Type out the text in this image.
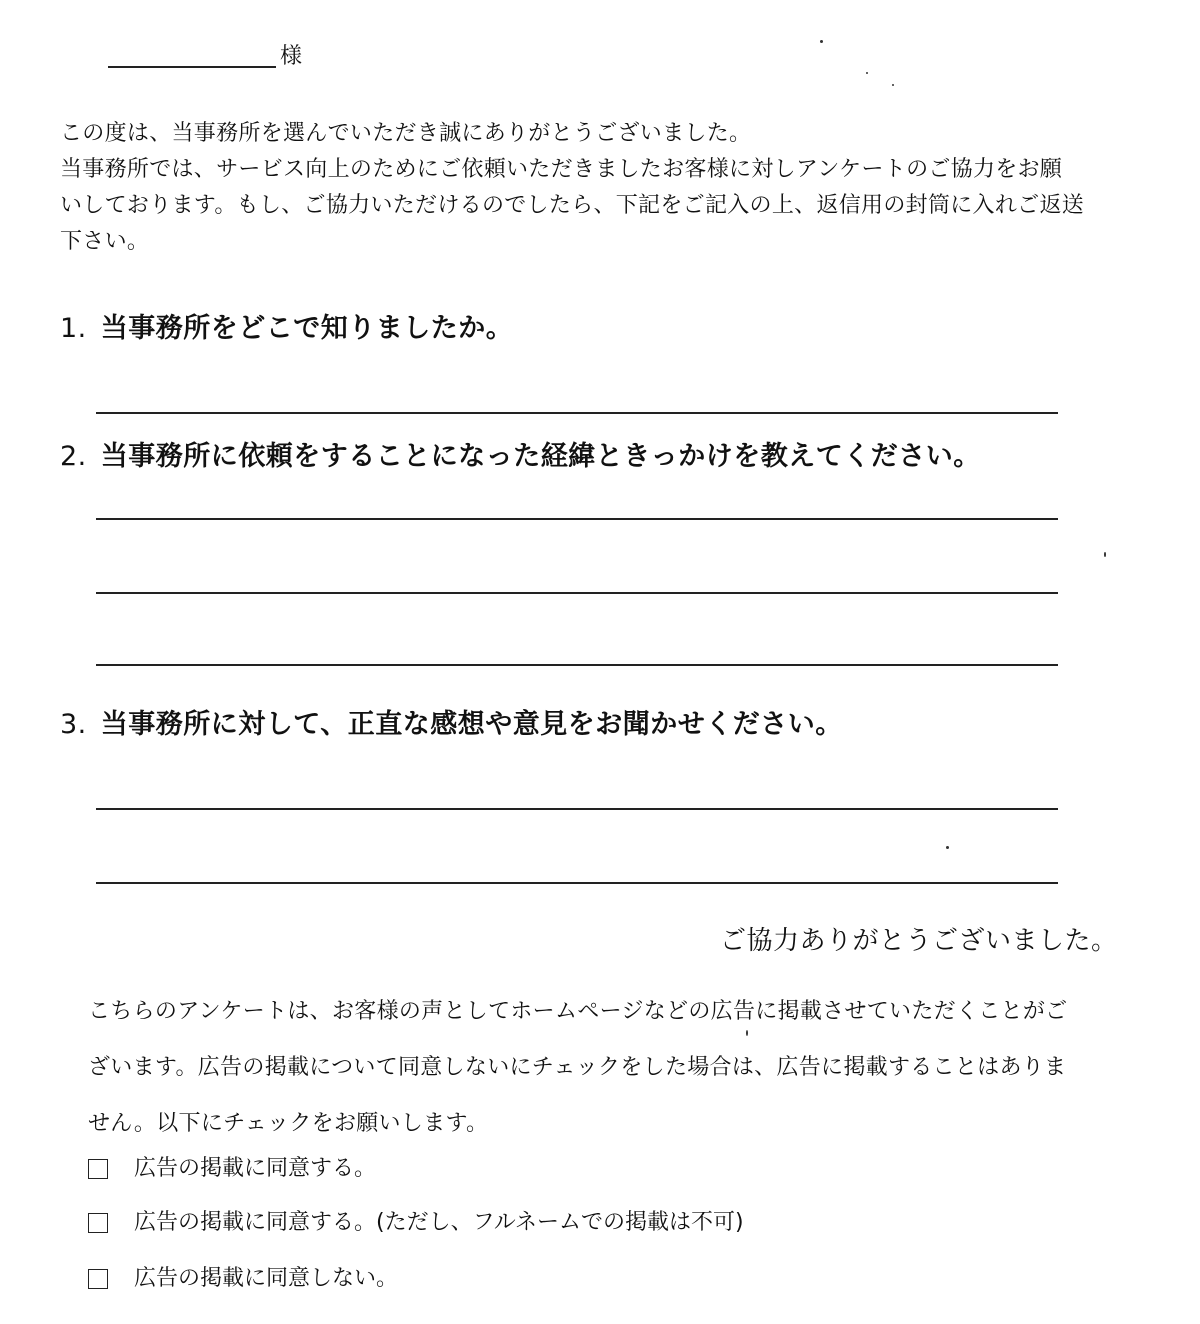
様

この度は、当事務所を選んでいただき誠にありがとうございました。

当事務所では、サービス向上のためにご依頼いただきましたお客様に対しアンケートのご協力をお願

いしております。もし、ご協力いただけるのでしたら、下記をご記入の上、返信用の封筒に入れご返送

下さい。

1. 当事務所をどこで知りましたか。
2. 当事務所に依頼をすることになった経緯ときっかけを教えてください。
3. 当事務所に対して、正直な感想や意見をお聞かせください。
ご協力ありがとうございました。

こちらのアンケートは、お客様の声としてホームページなどの広告に掲載させていただくことがご

ざいます。広告の掲載について同意しないにチェックをした場合は、広告に掲載することはありま

せん。以下にチェックをお願いします。

広告の掲載に同意する。
広告の掲載に同意する。(ただし、フルネームでの掲載は不可)
広告の掲載に同意しない。
